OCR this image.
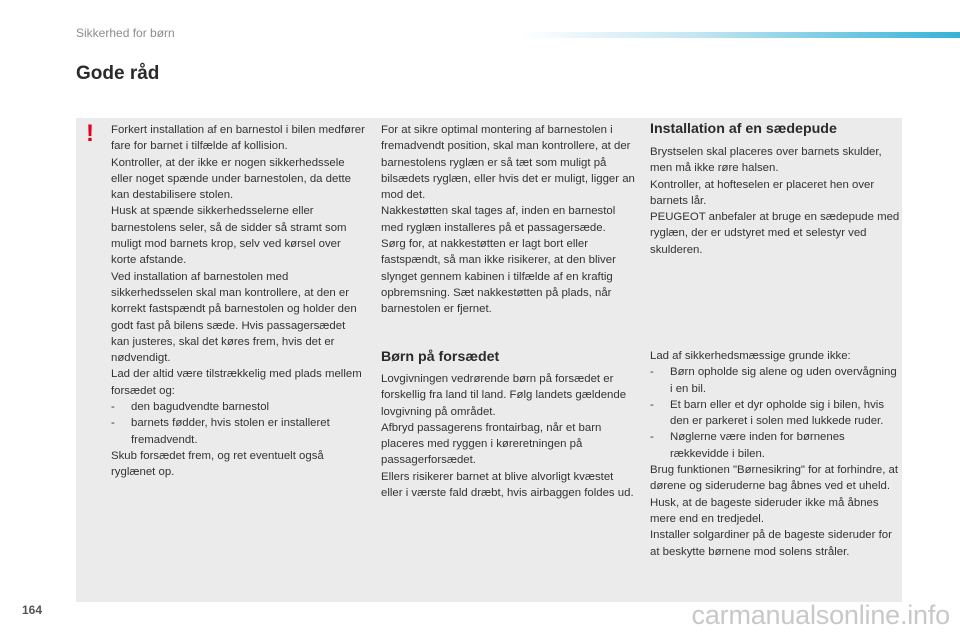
Sikkerhed for børn
Gode råd
! Forkert installation af en barnestol i bilen medfører fare for barnet i tilfælde af kollision.

Kontroller, at der ikke er nogen sikkerhedssele eller noget spænde under barnestolen, da dette kan destabilisere stolen.

Husk at spænde sikkerhedsselerne eller barnestolens seler, så de sidder så stramt som muligt mod barnets krop, selv ved kørsel over korte afstande.

Ved installation af barnestolen med sikkerhedsselen skal man kontrollere, at den er korrekt fastspændt på barnestolen og holder den godt fast på bilens sæde. Hvis passagersædet kan justeres, skal det køres frem, hvis det er nødvendigt.

Lad der altid være tilstrækkelig med plads mellem forsædet og:

- den bagudvendte barnestol
- barnets fødder, hvis stolen er installeret fremadvendt.

Skub forsædet frem, og ret eventuelt også ryglænet op.

For at sikre optimal montering af barnestolen i fremadvendt position, skal man kontrollere, at der barnestolens ryglæn er så tæt som muligt på bilsædets ryglæn, eller hvis det er muligt, ligger an mod det.

Nakkestøtten skal tages af, inden en barnestol med ryglæn installeres på et passagersæde.

Sørg for, at nakkestøtten er lagt bort eller fastspændt, så man ikke risikerer, at den bliver slynget gennem kabinen i tilfælde af en kraftig opbremsning. Sæt nakkestøtten på plads, når barnestolen er fjernet.

Børn på forsædet

Lovgivningen vedrørende børn på forsædet er forskellig fra land til land. Følg landets gældende lovgivning på området.

Afbryd passagerens frontairbag, når et barn placeres med ryggen i køreretningen på passagerforsædet.

Ellers risikerer barnet at blive alvorligt kvæstet eller i værste fald dræbt, hvis airbaggen foldes ud.

Installation af en sædepude

Brystselen skal placeres over barnets skulder, men må ikke røre halsen.

Kontroller, at hofteselen er placeret hen over barnets lår.

PEUGEOT anbefaler at bruge en sædepude med ryglæn, der er udstyret med et selestyr ved skulderen.

Lad af sikkerhedsmæssige grunde ikke:

- Børn opholde sig alene og uden overvågning i en bil.
- Et barn eller et dyr opholde sig i bilen, hvis den er parkeret i solen med lukkede ruder.
- Nøglerne være inden for børnenes rækkevidde i bilen.

Brug funktionen "Børnesikring" for at forhindre, at dørene og sideruderne bag åbnes ved et uheld.

Husk, at de bageste sideruder ikke må åbnes mere end en tredjedel.

Installer solgardiner på de bageste sideruder for at beskytte børnene mod solens stråler.

164	carmanualsonline.info
